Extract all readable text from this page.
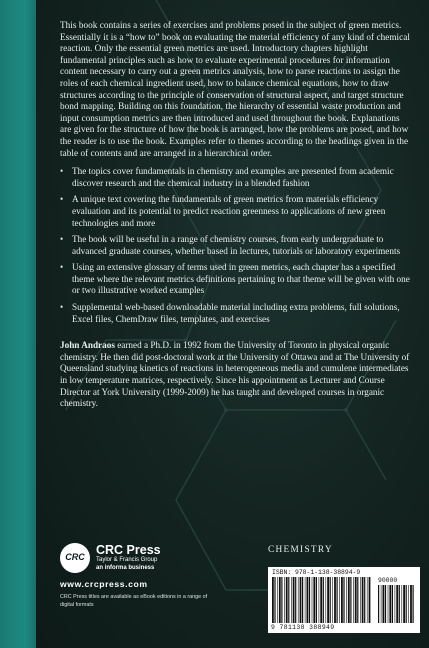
This book contains a series of exercises and problems posed in the subject of green metrics. Essentially it is a “how to” book on evaluating the material efficiency of any kind of chemical reaction. Only the essential green metrics are used. Introductory chapters highlight fundamental principles such as how to evaluate experimental procedures for information content necessary to carry out a green metrics analysis, how to parse reactions to assign the roles of each chemical ingredient used, how to balance chemical equations, how to draw structures according to the principle of conservation of structural aspect, and target structure bond mapping. Building on this foundation, the hierarchy of essential waste production and input consumption metrics are then introduced and used throughout the book. Explanations are given for the structure of how the book is arranged, how the problems are posed, and how the reader is to use the book. Examples refer to themes according to the headings given in the table of contents and are arranged in a hierarchical order.

• The topics cover fundamentals in chemistry and examples are presented from academic discover research and the chemical industry in a blended fashion
• A unique text covering the fundamentals of green metrics from materials efficiency evaluation and its potential to predict reaction greenness to applications of new green technologies and more
• The book will be useful in a range of chemistry courses, from early undergraduate to advanced graduate courses, whether based in lectures, tutorials or laboratory experiments
• Using an extensive glossary of terms used in green metrics, each chapter has a specified theme where the relevant metrics definitions pertaining to that theme will be given with one or two illustrative worked examples
• Supplemental web-based downloadable material including extra problems, full solutions, Excel files, ChemDraw files, templates, and exercises

John Andraos earned a Ph.D. in 1992 from the University of Toronto in physical organic chemistry. He then did post-doctoral work at the University of Ottawa and at The University of Queensland studying kinetics of reactions in heterogeneous media and cumulene intermediates in low temperature matrices, respectively. Since his appointment as Lecturer and Course Director at York University (1999-2009) he has taught and developed courses in organic chemistry.

CRC CRC Press
Taylor & Francis Group
an informa business
www.crcpress.com
CRC Press titles are available as eBook editions in a range of digital formats
CHEMISTRY
ISBN: 978-1-138-38894-9
90000
9 781138 388949
